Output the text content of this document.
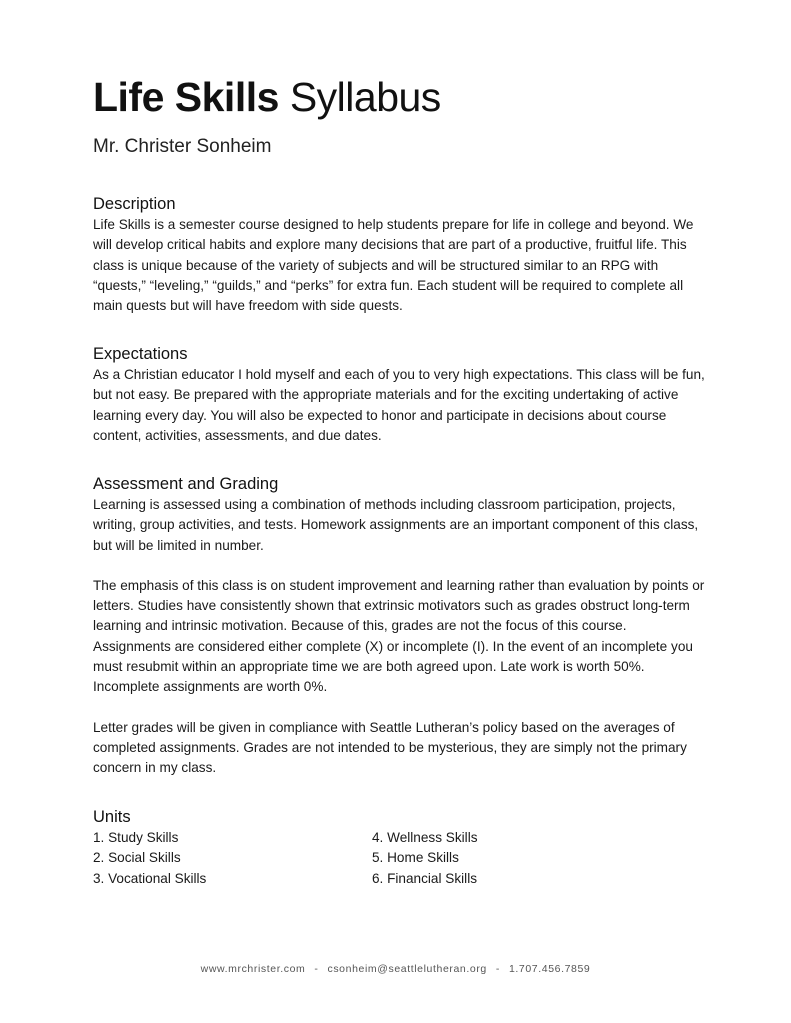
Life Skills Syllabus
Mr. Christer Sonheim
Description

Life Skills is a semester course designed to help students prepare for life in college and beyond. We will develop critical habits and explore many decisions that are part of a productive, fruitful life. This class is unique because of the variety of subjects and will be structured similar to an RPG with “quests,” “leveling,” “guilds,” and “perks” for extra fun. Each student will be required to complete all main quests but will have freedom with side quests.

Expectations

As a Christian educator I hold myself and each of you to very high expectations. This class will be fun, but not easy. Be prepared with the appropriate materials and for the exciting undertaking of active learning every day. You will also be expected to honor and participate in decisions about course content, activities, assessments, and due dates.

Assessment and Grading

Learning is assessed using a combination of methods including classroom participation, projects, writing, group activities, and tests. Homework assignments are an important component of this class, but will be limited in number.

The emphasis of this class is on student improvement and learning rather than evaluation by points or letters. Studies have consistently shown that extrinsic motivators such as grades obstruct long-term learning and intrinsic motivation. Because of this, grades are not the focus of this course. Assignments are considered either complete (X) or incomplete (I). In the event of an incomplete you must resubmit within an appropriate time we are both agreed upon. Late work is worth 50%. Incomplete assignments are worth 0%.

Letter grades will be given in compliance with Seattle Lutheran’s policy based on the averages of completed assignments. Grades are not intended to be mysterious, they are simply not the primary concern in my class.

Units

1. Study Skills

2. Social Skills

3. Vocational Skills

4. Wellness Skills

5. Home Skills

6. Financial Skills

www.mrchrister.com - csonheim@seattlelutheran.org - 1.707.456.7859
